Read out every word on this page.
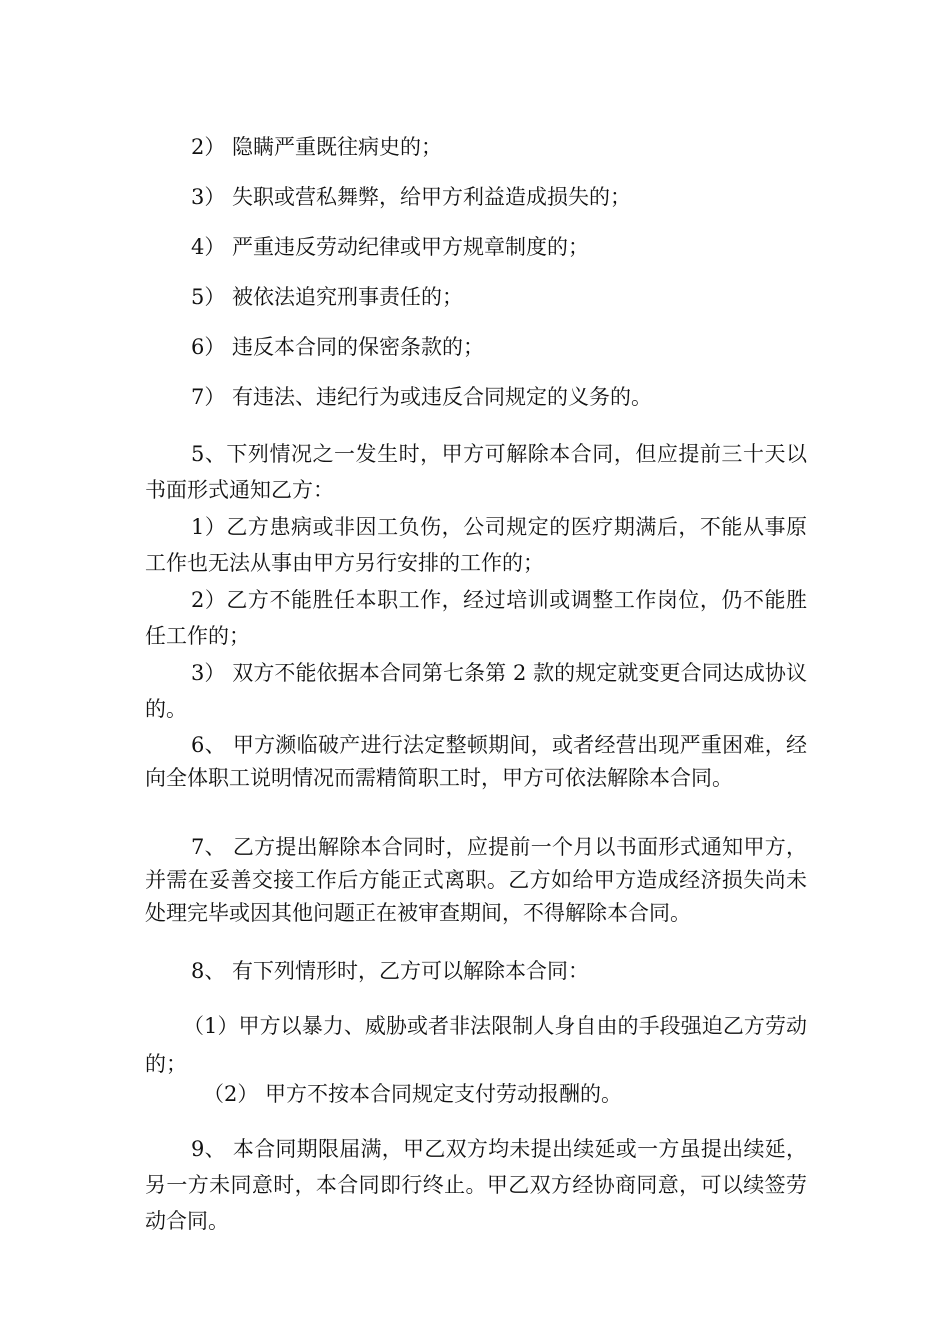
2） 隐瞒严重既往病史的；

3） 失职或营私舞弊，给甲方利益造成损失的；

4） 严重违反劳动纪律或甲方规章制度的；

5） 被依法追究刑事责任的；

6） 违反本合同的保密条款的；

7） 有违法、违纪行为或违反合同规定的义务的。

5、下列情况之一发生时，甲方可解除本合同，但应提前三十天以书面形式通知乙方：

1）乙方患病或非因工负伤，公司规定的医疗期满后，不能从事原工作也无法从事由甲方另行安排的工作的；

2）乙方不能胜任本职工作，经过培训或调整工作岗位，仍不能胜任工作的；

3） 双方不能依据本合同第七条第 2 款的规定就变更合同达成协议的。

6、 甲方濒临破产进行法定整顿期间，或者经营出现严重困难，经向全体职工说明情况而需精简职工时，甲方可依法解除本合同。

7、 乙方提出解除本合同时，应提前一个月以书面形式通知甲方，并需在妥善交接工作后方能正式离职。乙方如给甲方造成经济损失尚未处理完毕或因其他问题正在被审查期间，不得解除本合同。

8、 有下列情形时，乙方可以解除本合同：

（1）甲方以暴力、威胁或者非法限制人身自由的手段强迫乙方劳动的；

（2） 甲方不按本合同规定支付劳动报酬的。

9、 本合同期限届满，甲乙双方均未提出续延或一方虽提出续延，另一方未同意时，本合同即行终止。甲乙双方经协商同意，可以续签劳动合同。
